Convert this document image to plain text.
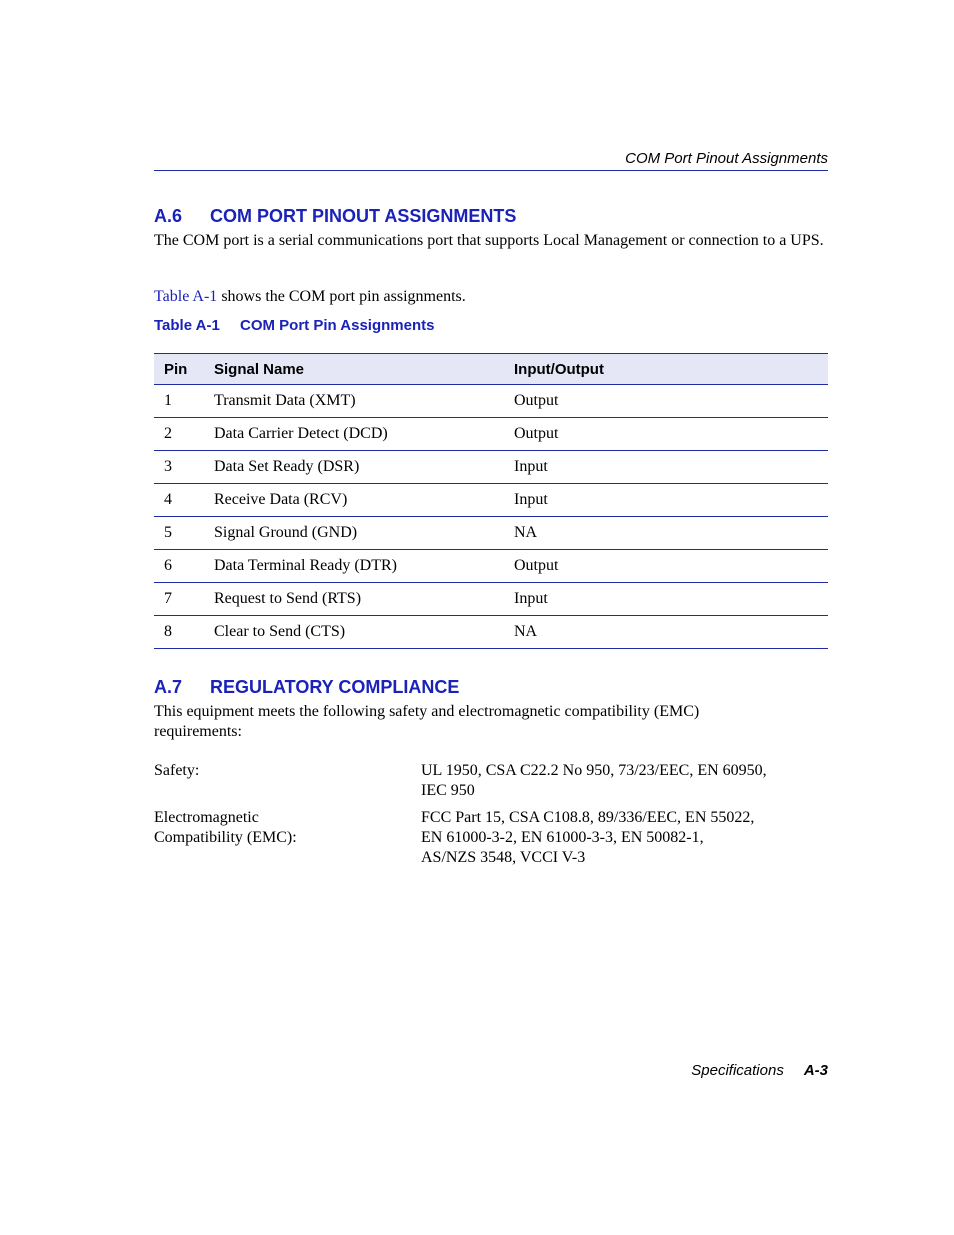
COM Port Pinout Assignments
A.6 COM PORT PINOUT ASSIGNMENTS
The COM port is a serial communications port that supports Local Management or connection to a UPS.
Table A-1 shows the COM port pin assignments.
Table A-1 COM Port Pin Assignments
Pin	Signal Name	Input/Output
1	Transmit Data (XMT)	Output
2	Data Carrier Detect (DCD)	Output
3	Data Set Ready (DSR)	Input
4	Receive Data (RCV)	Input
5	Signal Ground (GND)	NA
6	Data Terminal Ready (DTR)	Output
7	Request to Send (RTS)	Input
8	Clear to Send (CTS)	NA
A.7 REGULATORY COMPLIANCE
This equipment meets the following safety and electromagnetic compatibility (EMC) requirements:
Safety:	UL 1950, CSA C22.2 No 950, 73/23/EEC, EN 60950,
IEC 950
Electromagnetic
Compatibility (EMC):
FCC Part 15, CSA C108.8, 89/336/EEC, EN 55022,
EN 61000-3-2, EN 61000-3-3, EN 50082-1,
AS/NZS 3548, VCCI V-3
Specifications A-3
